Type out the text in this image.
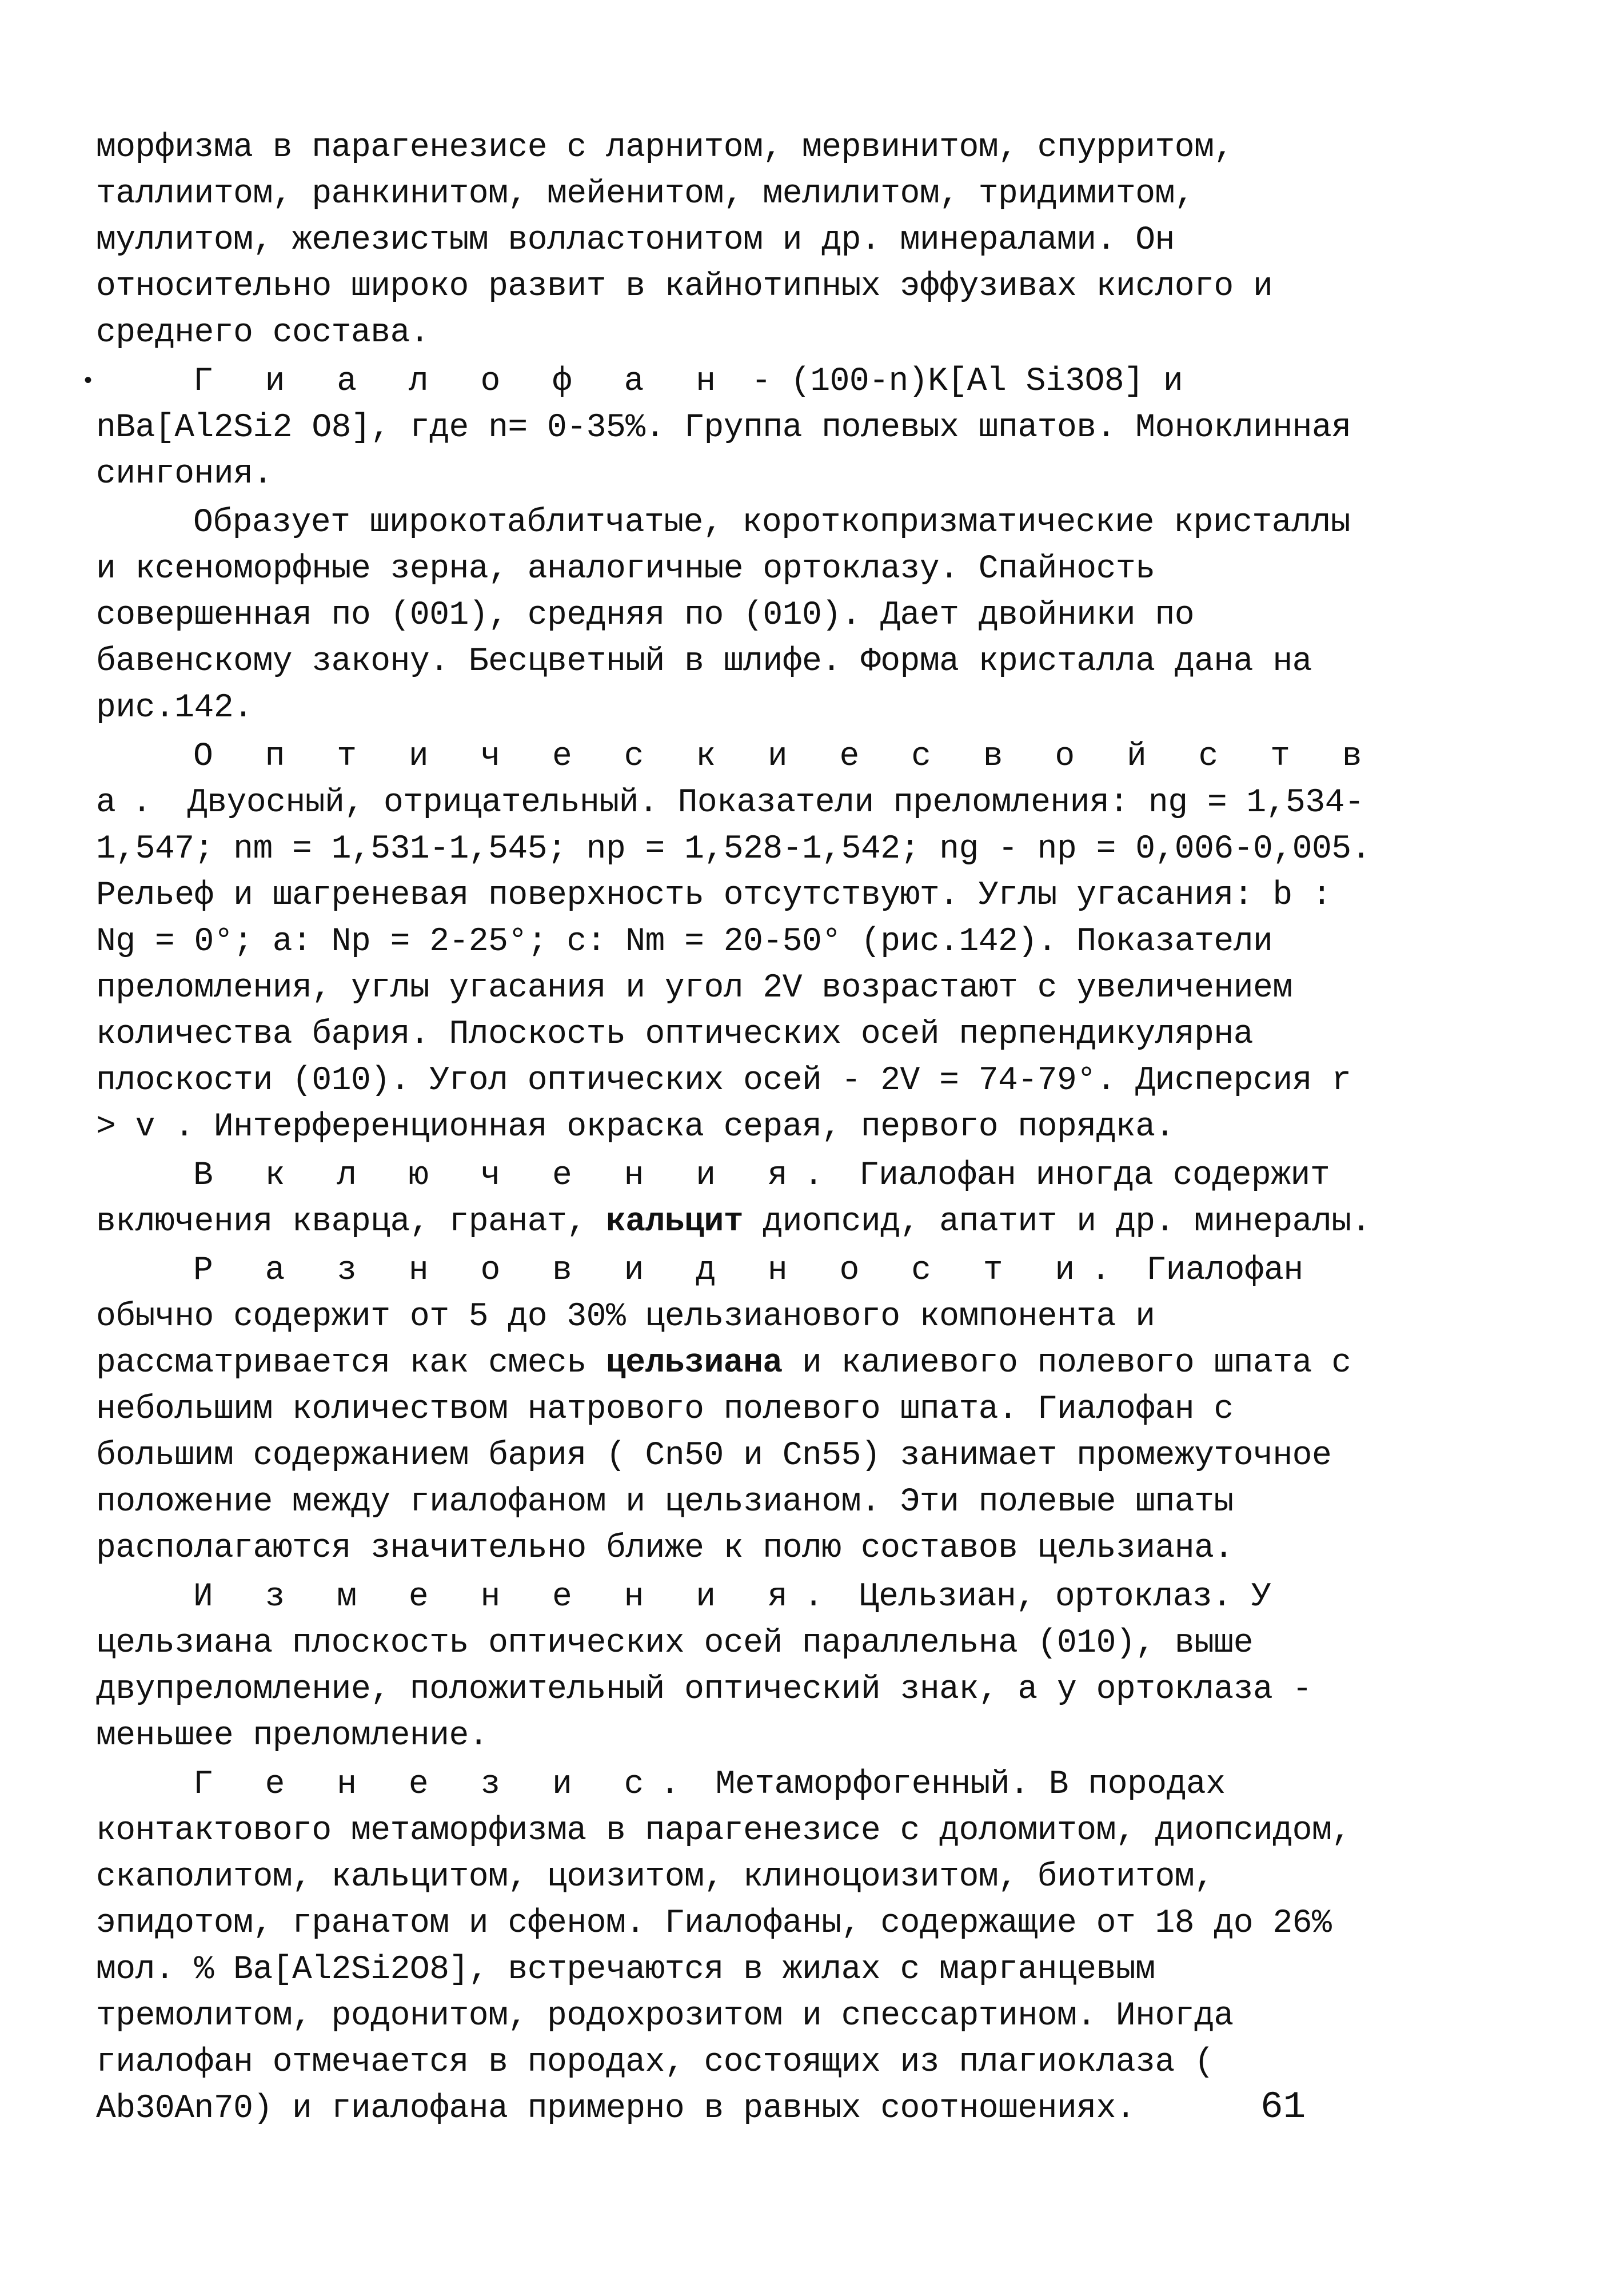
•

морфизма в парагенезисе с ларнитом, мервинитом, спурритом, таллиитом, ранкинитом, мейенитом, мелилитом, тридимитом, муллитом, железистым волластонитом и др. минералами. Он относительно широко развит в кайнотипных эффузивах кислого и среднего состава.

Г и а л о ф а н - (100-n)K[Al Si3O8] и nBa[Al2Si2 O8], где n= 0-35%. Группа полевых шпатов. Моноклинная сингония.

Образует широкотаблитчатые, короткопризматические кристаллы и ксеноморфные зерна, аналогичные ортоклазу. Спайность совершенная по (001), средняя по (010). Дает двойники по бавенскому закону. Бесцветный в шлифе. Форма кристалла дана на рис.142.

О п т и ч е с к и е с в о й с т в а. Двуосный, отрицательный. Показатели преломления: ng = 1,534-1,547; nm = 1,531-1,545; np = 1,528-1,542; ng - np = 0,006-0,005. Рельеф и шагреневая поверхность отсутствуют. Углы угасания: b : Ng = 0°; a: Np = 2-25°; c: Nm = 20-50° (рис.142). Показатели преломления, углы угасания и угол 2V возрастают с увеличением количества бария. Плоскость оптических осей перпендикулярна плоскости (010). Угол оптических осей - 2V = 74-79°. Дисперсия r > v . Интерференционная окраска серая, первого порядка.

В к л ю ч е н и я. Гиалофан иногда содержит включения кварца, гранат, кальцит диопсид, апатит и др. минералы.

Р а з н о в и д н о с т и. Гиалофан обычно содержит от 5 до 30% цельзианового компонента и рассматривается как смесь цельзиана и калиевого полевого шпата с небольшим количеством натрового полевого шпата. Гиалофан с большим содержанием бария ( Cn50 и Cn55) занимает промежуточное положение между гиалофаном и цельзианом. Эти полевые шпаты располагаются значительно ближе к полю составов цельзиана.

И з м е н е н и я. Цельзиан, ортоклаз. У цельзиана плоскость оптических осей параллельна (010), выше двупреломление, положительный оптический знак, а у ортоклаза - меньшее преломление.

Г е н е з и с. Метаморфогенный. В породах контактового метаморфизма в парагенезисе с доломитом, диопсидом, скаполитом, кальцитом, цоизитом, клиноцоизитом, биотитом, эпидотом, гранатом и сфеном. Гиалофаны, содержащие от 18 до 26% мол. % Ba[Al2Si2O8], встречаются в жилах с марганцевым тремолитом, родонитом, родохрозитом и спессартином. Иногда гиалофан отмечается в породах, состоящих из плагиоклаза ( Ab30An70) и гиалофана примерно в равных соотношениях.	61
